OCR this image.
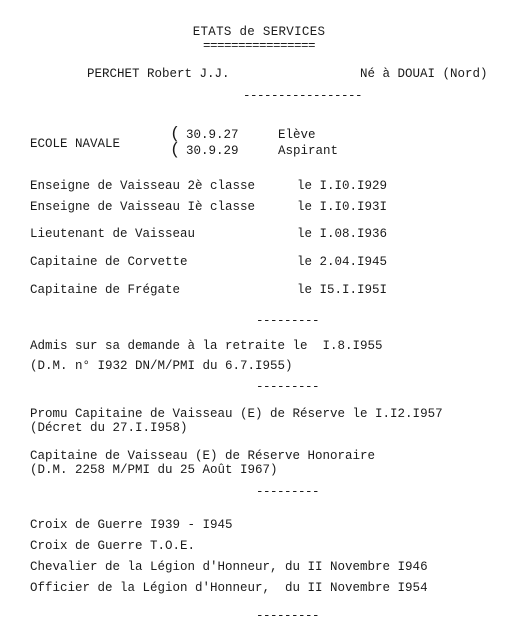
ETATS de SERVICES
================
PERCHET Robert J.J.	Né à DOUAI (Nord)
-----------------
ECOLE NAVALE	(
(
30.9.27	Elève
30.9.29	Aspirant
Enseigne de Vaisseau 2è classe	le I.I0.I929
Enseigne de Vaisseau Iè classe	le I.I0.I93I
Lieutenant de Vaisseau	le I.08.I936
Capitaine de Corvette	le 2.04.I945
Capitaine de Frégate	le I5.I.I95I
---------
Admis sur sa demande à la retraite le  I.8.I955
(D.M. n° I932 DN/M/PMI du 6.7.I955)
---------
Promu Capitaine de Vaisseau (E) de Réserve le I.I2.I957
(Décret du 27.I.I958)
Capitaine de Vaisseau (E) de Réserve Honoraire
(D.M. 2258 M/PMI du 25 Août I967)
---------
Croix de Guerre I939 - I945
Croix de Guerre T.O.E.
Chevalier de la Légion d'Honneur, du II Novembre I946
Officier de la Légion d'Honneur,  du II Novembre I954
---------
